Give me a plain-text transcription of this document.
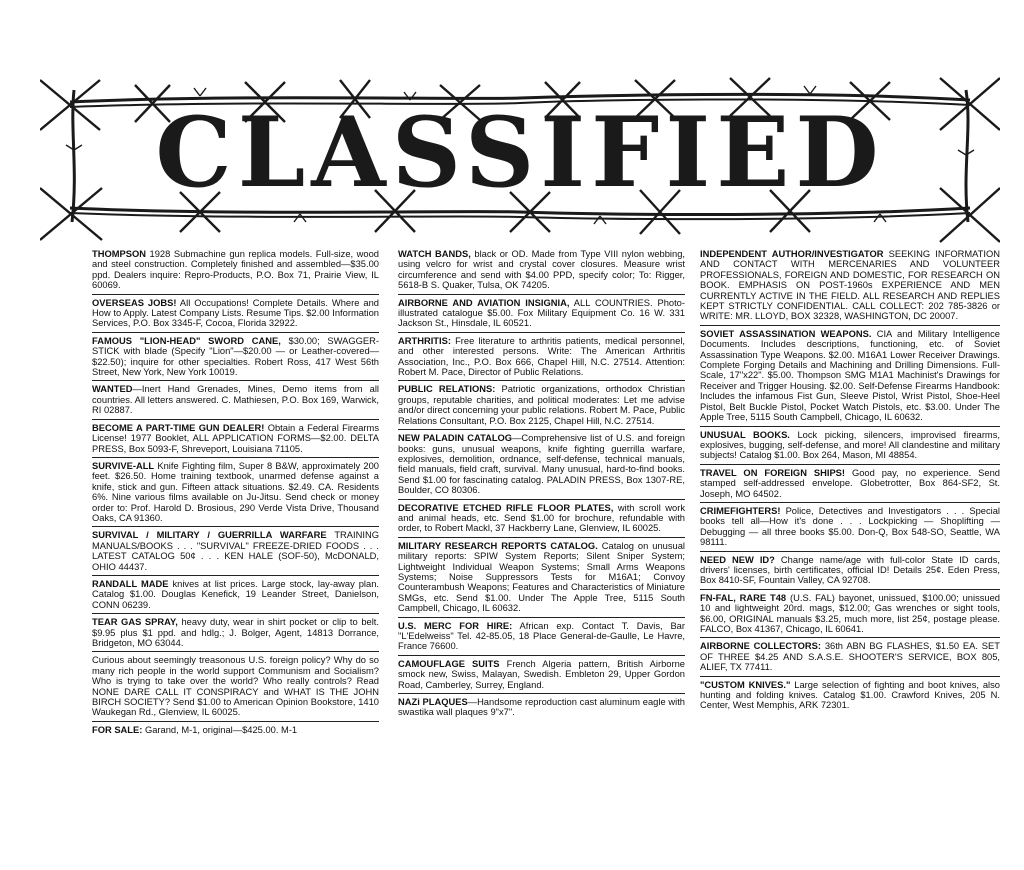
CLASSIFIED

THOMPSON 1928 Submachine gun replica models. Full-size, wood and steel construction. Completely finished and assembled—$35.00 ppd. Dealers inquire: Repro-Products, P.O. Box 71, Prairie View, IL 60069.

OVERSEAS JOBS! All Occupations! Complete Details. Where and How to Apply. Latest Company Lists. Resume Tips. $2.00 Information Services, P.O. Box 3345-F, Cocoa, Florida 32922.

FAMOUS "LION-HEAD" SWORD CANE, $30.00; SWAGGER-STICK with blade (Specify "Lion"—$20.00 — or Leather-covered—$22.50); inquire for other specialties. Robert Ross, 417 West 56th Street, New York, New York 10019.

WANTED—Inert Hand Grenades, Mines, Demo items from all countries. All letters answered. C. Mathiesen, P.O. Box 169, Warwick, RI 02887.

BECOME A PART-TIME GUN DEALER! Obtain a Federal Firearms License! 1977 Booklet, ALL APPLICATION FORMS—$2.00. DELTA PRESS, Box 5093-F, Shreveport, Louisiana 71105.

SURVIVE-ALL Knife Fighting film, Super 8 B&W, approximately 200 feet. $26.50. Home training textbook, unarmed defense against a knife, stick and gun. Fifteen attack situations. $2.49. CA. Residents 6%. Nine various films available on Ju-Jitsu. Send check or money order to: Prof. Harold D. Brosious, 290 Verde Vista Drive, Thousand Oaks, CA 91360.

SURVIVAL / MILITARY / GUERRILLA WARFARE TRAINING MANUALS/BOOKS . . . "SURVIVAL" FREEZE-DRIED FOODS . . . LATEST CATALOG 50¢ . . . KEN HALE (SOF-50), McDONALD, OHIO 44437.

RANDALL MADE knives at list prices. Large stock, lay-away plan. Catalog $1.00. Douglas Kenefick, 19 Leander Street, Danielson, CONN 06239.

TEAR GAS SPRAY, heavy duty, wear in shirt pocket or clip to belt. $9.95 plus $1 ppd. and hdlg.; J. Bolger, Agent, 14813 Dorrance, Bridgeton, MO 63044.

Curious about seemingly treasonous U.S. foreign policy? Why do so many rich people in the world support Communism and Socialism? Who is trying to take over the world? Who really controls? Read NONE DARE CALL IT CONSPIRACY and WHAT IS THE JOHN BIRCH SOCIETY? Send $1.00 to American Opinion Bookstore, 1410 Waukegan Rd., Glenview, IL 60025.

FOR SALE: Garand, M-1, original—$425.00. M-1

WATCH BANDS, black or OD. Made from Type VIII nylon webbing, using velcro for wrist and crystal cover closures. Measure wrist circumference and send with $4.00 PPD, specify color; To: Rigger, 5618-B S. Quaker, Tulsa, OK 74205.

AIRBORNE AND AVIATION INSIGNIA, ALL COUNTRIES. Photo-illustrated catalogue $5.00. Fox Military Equipment Co. 16 W. 331 Jackson St., Hinsdale, IL 60521.

ARTHRITIS: Free literature to arthritis patients, medical personnel, and other interested persons. Write: The American Arthritis Association, Inc., P.O. Box 666, Chapel Hill, N.C. 27514. Attention: Robert M. Pace, Director of Public Relations.

PUBLIC RELATIONS: Patriotic organizations, orthodox Christian groups, reputable charities, and political moderates: Let me advise and/or direct concerning your public relations. Robert M. Pace, Public Relations Consultant, P.O. Box 2125, Chapel Hill, N.C. 27514.

NEW PALADIN CATALOG—Comprehensive list of U.S. and foreign books: guns, unusual weapons, knife fighting guerrilla warfare, explosives, demolition, ordnance, self-defense, technical manuals, field manuals, field craft, survival. Many unusual, hard-to-find books. Send $1.00 for fascinating catalog. PALADIN PRESS, Box 1307-RE, Boulder, CO 80306.

DECORATIVE ETCHED RIFLE FLOOR PLATES, with scroll work and animal heads, etc. Send $1.00 for brochure, refundable with order, to Robert Mackl, 37 Hackberry Lane, Glenview, IL 60025.

MILITARY RESEARCH REPORTS CATALOG. Catalog on unusual military reports: SPIW System Reports; Silent Sniper System; Lightweight Individual Weapon Systems; Small Arms Weapons Systems; Noise Suppressors Tests for M16A1; Convoy Counterambush Weapons; Features and Characteristics of Miniature SMGs, etc. Send $1.00. Under The Apple Tree, 5115 South Campbell, Chicago, IL 60632.

U.S. MERC FOR HIRE: African exp. Contact T. Davis, Bar "L'Edelweiss" Tel. 42-85.05, 18 Place General-de-Gaulle, Le Havre, France 76600.

CAMOUFLAGE SUITS French Algeria pattern, British Airborne smock new, Swiss, Malayan, Swedish. Embleton 29, Upper Gordon Road, Camberley, Surrey, England.

NAZi PLAQUES—Handsome reproduction cast aluminum eagle with swastika wall plaques 9"x7".

INDEPENDENT AUTHOR/INVESTIGATOR SEEKING INFORMATION AND CONTACT WITH MERCENARIES AND VOLUNTEER PROFESSIONALS, FOREIGN AND DOMESTIC, FOR RESEARCH ON BOOK. EMPHASIS ON POST-1960s EXPERIENCE AND MEN CURRENTLY ACTIVE IN THE FIELD. ALL RESEARCH AND REPLIES KEPT STRICTLY CONFIDENTIAL. CALL COLLECT: 202 785-3826 or WRITE: MR. LLOYD, BOX 32328, WASHINGTON, DC 20007.

SOVIET ASSASSINATION WEAPONS. CIA and Military Intelligence Documents. Includes descriptions, functioning, etc. of Soviet Assassination Type Weapons. $2.00. M16A1 Lower Receiver Drawings. Complete Forging Details and Machining and Drilling Dimensions. Full-Scale, 17"x22". $5.00. Thompson SMG M1A1 Machinist's Drawings for Receiver and Trigger Housing. $2.00. Self-Defense Firearms Handbook: Includes the infamous Fist Gun, Sleeve Pistol, Wrist Pistol, Shoe-Heel Pistol, Belt Buckle Pistol, Pocket Watch Pistols, etc. $3.00. Under The Apple Tree, 5115 South Campbell, Chicago, IL 60632.

UNUSUAL BOOKS. Lock picking, silencers, improvised firearms, explosives, bugging, self-defense, and more! All clandestine and military subjects! Catalog $1.00. Box 264, Mason, MI 48854.

TRAVEL ON FOREIGN SHIPS! Good pay, no experience. Send stamped self-addressed envelope. Globetrotter, Box 864-SF2, St. Joseph, MO 64502.

CRIMEFIGHTERS! Police, Detectives and Investigators . . . Special books tell all—How it's done . . . Lockpicking — Shoplifting — Debugging — all three books $5.00. Don-Q, Box 548-SO, Seattle, WA 98111.

NEED NEW ID? Change name/age with full-color State ID cards, drivers' licenses, birth certificates, official ID! Details 25¢. Eden Press, Box 8410-SF, Fountain Valley, CA 92708.

FN-FAL, RARE T48 (U.S. FAL) bayonet, unissued, $100.00; unissued 10 and lightweight 20rd. mags, $12.00; Gas wrenches or sight tools, $6.00, ORIGINAL manuals $3.25, much more, list 25¢, postage please. FALCO, Box 41367, Chicago, IL 60641.

AIRBORNE COLLECTORS: 36th ABN BG FLASHES, $1.50 EA. SET OF THREE $4.25 AND S.A.S.E. SHOOTER'S SERVICE, BOX 805, ALIEF, TX 77411.

"CUSTOM KNIVES." Large selection of fighting and boot knives, also hunting and folding knives. Catalog $1.00. Crawford Knives, 205 N. Center, West Memphis, ARK 72301.
